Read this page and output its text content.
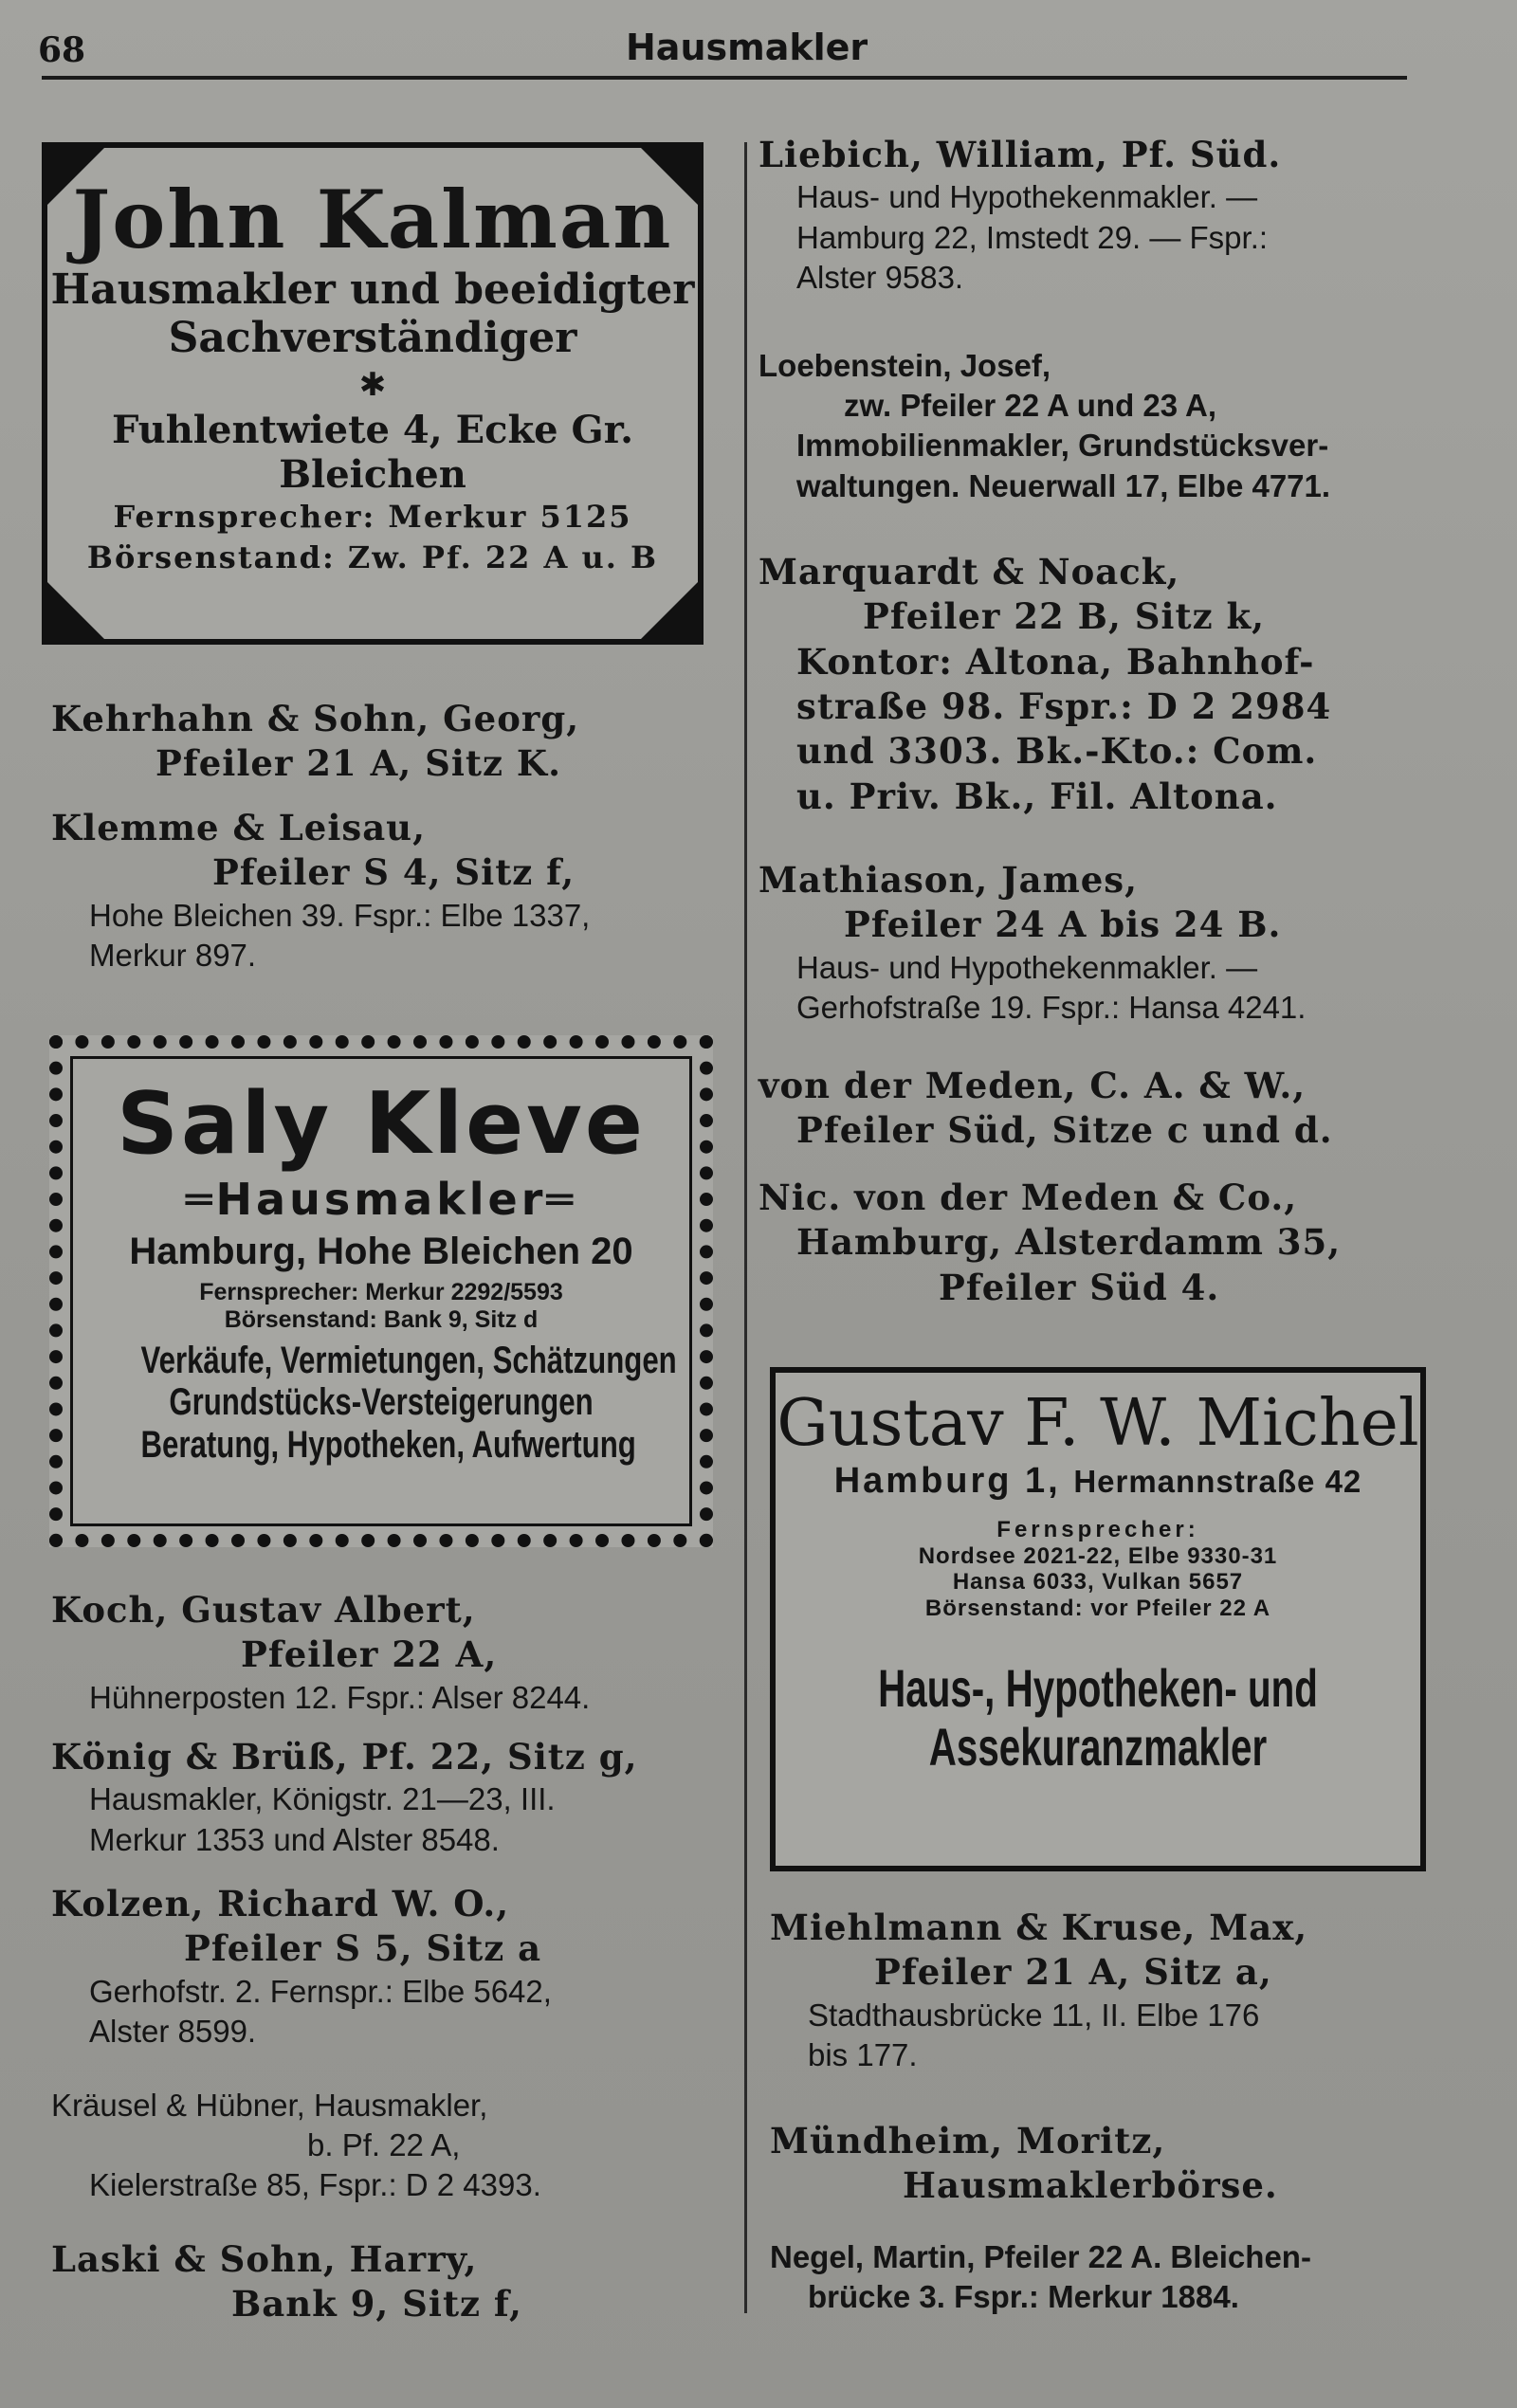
68	Hausmakler
John Kalman
Hausmakler und beeidigter
Sachverständiger
✱
Fuhlentwiete 4, Ecke Gr. Bleichen
Fernsprecher: Merkur 5125
Börsenstand: Zw. Pf. 22 A u. B
Kehrhahn & Sohn, Georg,
Pfeiler 21 A, Sitz K.
Klemme & Leisau,
Pfeiler S 4, Sitz f,
Hohe Bleichen 39. Fspr.: Elbe 1337,
Merkur 897.
Saly Kleve
═Hausmakler═
Hamburg, Hohe Bleichen 20
Fernsprecher: Merkur 2292/5593
Börsenstand: Bank 9, Sitz d
Verkäufe, Vermietungen, Schätzungen
Grundstücks-Versteigerungen
Beratung, Hypotheken, Aufwertung
Koch, Gustav Albert,
Pfeiler 22 A,
Hühnerposten 12. Fspr.: Alser 8244.
König & Brüß, Pf. 22, Sitz g,
Hausmakler, Königstr. 21—23, III.
Merkur 1353 und Alster 8548.
Kolzen, Richard W. O.,
Pfeiler S 5, Sitz a
Gerhofstr. 2. Fernspr.: Elbe 5642,
Alster 8599.
Kräusel & Hübner, Hausmakler,
b. Pf. 22 A,
Kielerstraße 85, Fspr.: D 2 4393.
Laski & Sohn, Harry,
Bank 9, Sitz f,
Liebich, William, Pf. Süd.
Haus- und Hypothekenmakler. —
Hamburg 22, Imstedt 29. — Fspr.:
Alster 9583.
Loebenstein, Josef,
zw. Pfeiler 22 A und 23 A,
Immobilienmakler, Grundstücksver-
waltungen. Neuerwall 17, Elbe 4771.
Marquardt & Noack,
Pfeiler 22 B, Sitz k,
Kontor: Altona, Bahnhof-
straße 98. Fspr.: D 2 2984
und 3303. Bk.-Kto.: Com.
u. Priv. Bk., Fil. Altona.
Mathiason, James,
Pfeiler 24 A bis 24 B.
Haus- und Hypothekenmakler. —
Gerhofstraße 19. Fspr.: Hansa 4241.
von der Meden, C. A. & W.,
Pfeiler Süd, Sitze c und d.
Nic. von der Meden & Co.,
Hamburg, Alsterdamm 35,
Pfeiler Süd 4.
Gustav F. W. Michel
Hamburg 1, Hermannstraße 42
Fernsprecher:
Nordsee 2021-22, Elbe 9330-31
Hansa 6033, Vulkan 5657
Börsenstand: vor Pfeiler 22 A
Haus-, Hypotheken- und
Assekuranzmakler
Miehlmann & Kruse, Max,
Pfeiler 21 A, Sitz a,
Stadthausbrücke 11, II. Elbe 176
bis 177.
Mündheim, Moritz,
Hausmaklerbörse.
Negel, Martin, Pfeiler 22 A. Bleichen-
brücke 3. Fspr.: Merkur 1884.
